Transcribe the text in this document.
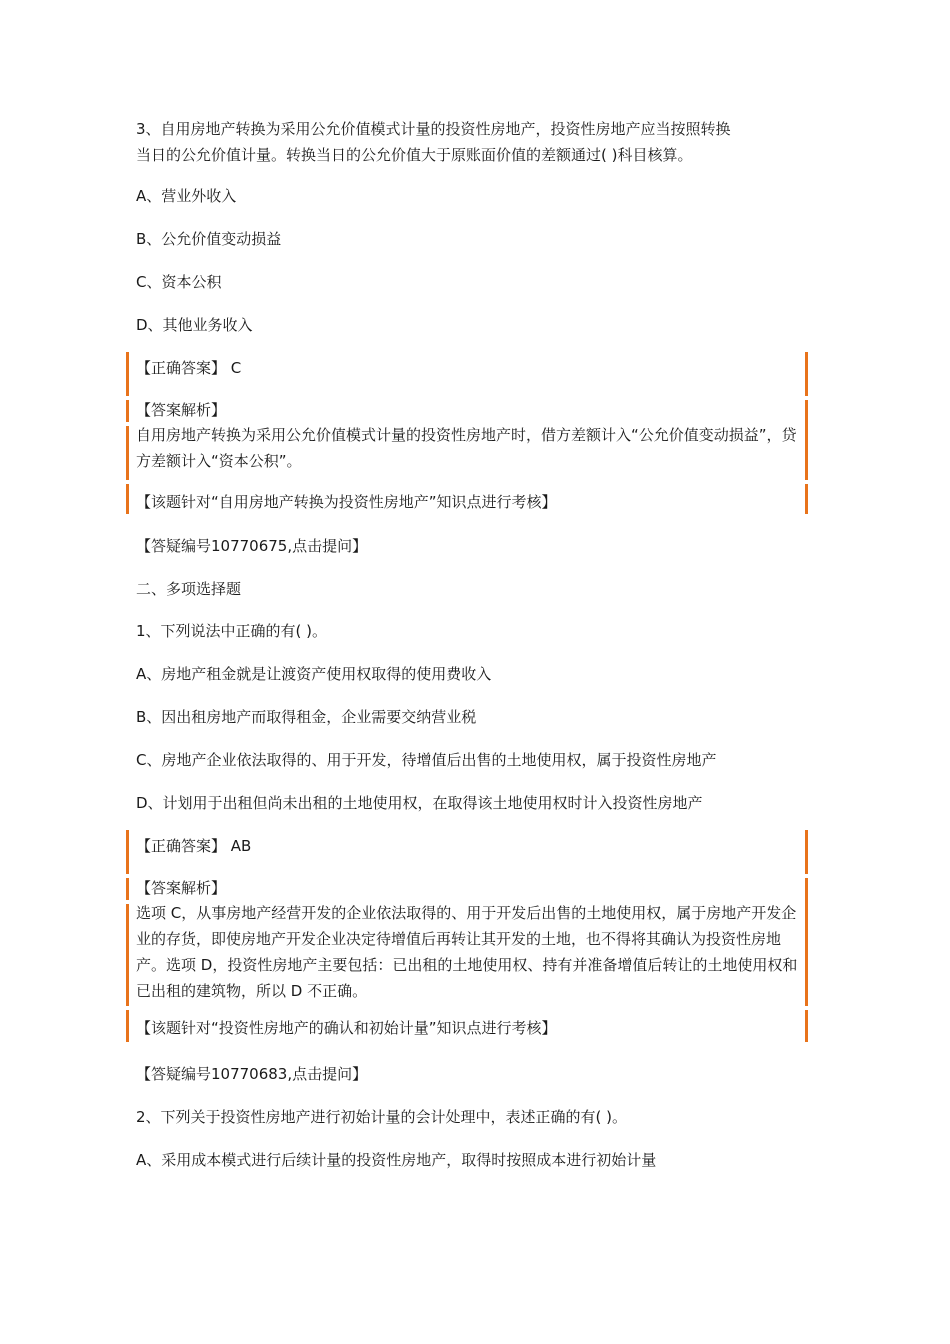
3、自用房地产转换为采用公允价值模式计量的投资性房地产，投资性房地产应当按照转换

当日的公允价值计量。转换当日的公允价值大于原账面价值的差额通过( )科目核算。

A、营业外收入

B、公允价值变动损益

C、资本公积

D、其他业务收入

【正确答案】 C

【答案解析】

自用房地产转换为采用公允价值模式计量的投资性房地产时，借方差额计入“公允价值变动损益”，贷方差额计入“资本公积”。

【该题针对“自用房地产转换为投资性房地产”知识点进行考核】

【答疑编号10770675,点击提问】

二、多项选择题

1、下列说法中正确的有( )。

A、房地产租金就是让渡资产使用权取得的使用费收入

B、因出租房地产而取得租金，企业需要交纳营业税

C、房地产企业依法取得的、用于开发，待增值后出售的土地使用权，属于投资性房地产

D、计划用于出租但尚未出租的土地使用权，在取得该土地使用权时计入投资性房地产

【正确答案】 AB

【答案解析】

选项 C，从事房地产经营开发的企业依法取得的、用于开发后出售的土地使用权，属于房地产开发企业的存货，即使房地产开发企业决定待增值后再转让其开发的土地，也不得将其确认为投资性房地产。选项 D，投资性房地产主要包括：已出租的土地使用权、持有并准备增值后转让的土地使用权和已出租的建筑物，所以 D 不正确。

【该题针对“投资性房地产的确认和初始计量”知识点进行考核】

【答疑编号10770683,点击提问】

2、下列关于投资性房地产进行初始计量的会计处理中，表述正确的有( )。

A、采用成本模式进行后续计量的投资性房地产，取得时按照成本进行初始计量
